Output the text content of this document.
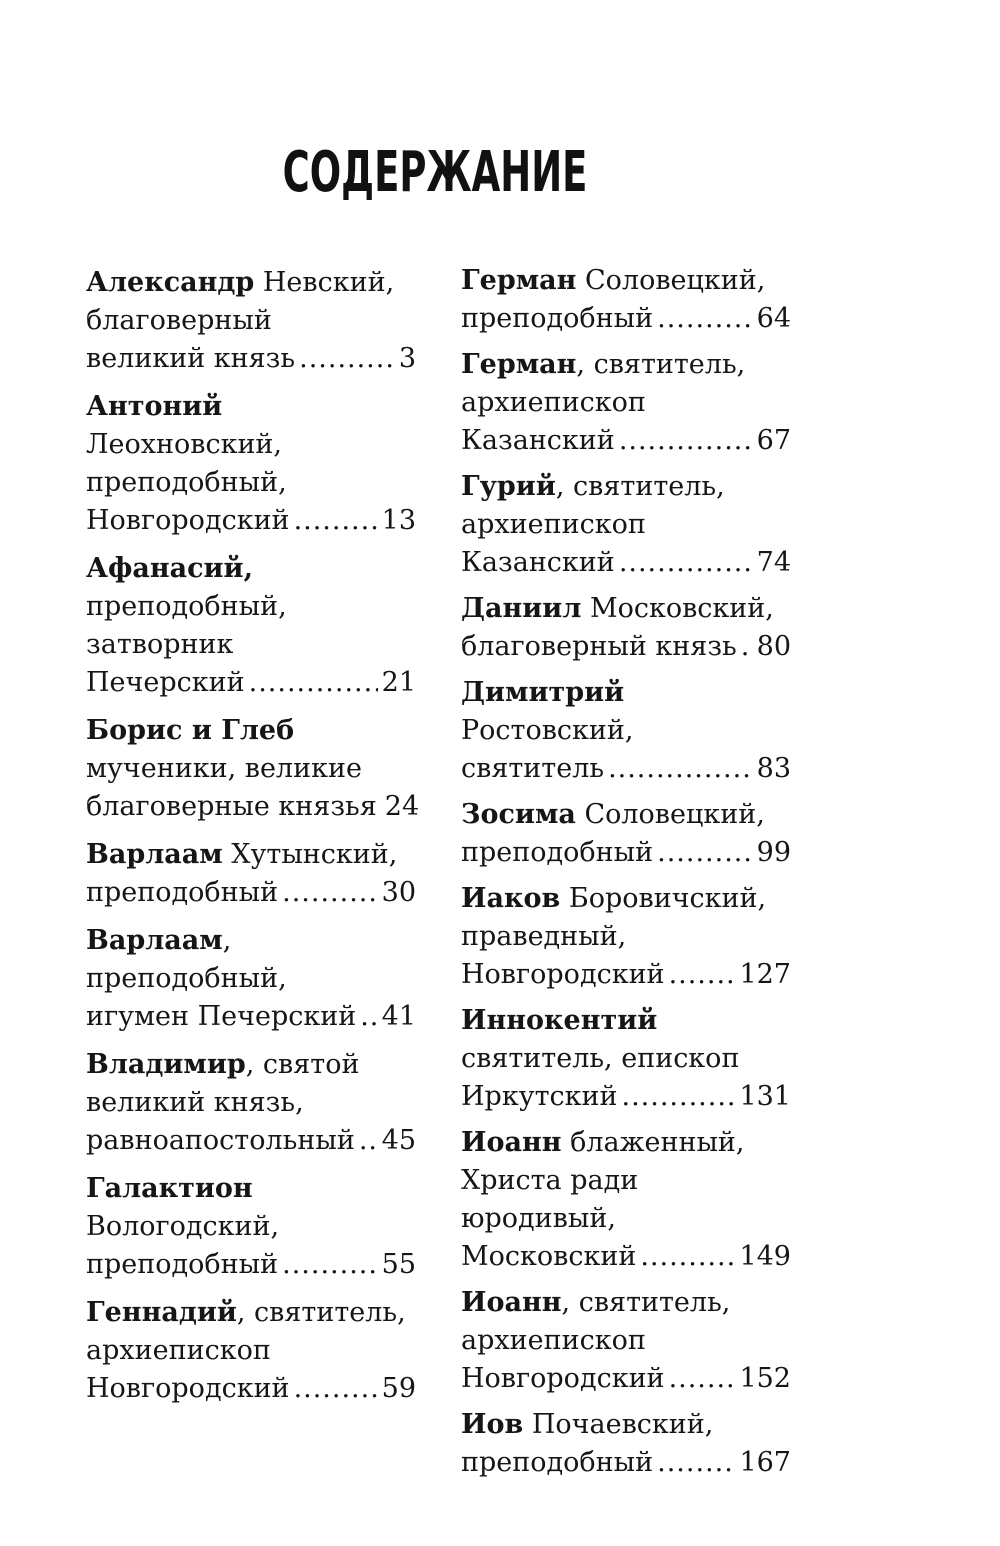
СОДЕРЖАНИЕ
Александр Невский,
благоверный
великий князь .....	3
Антоний
Леохновский,
преподобный,
Новгородский .....	13
Афанасий,
преподобный,
затворник
Печерский .....	21
Борис и Глеб
мученики, великие
благоверные князья 24
Варлаам Хутынский,
преподобный .....	30
Варлаам, преподобный,
игумен Печерский ..... 41
Владимир, святой
великий князь,
равноапостольный ..... 45
Галактион
Вологодский,
преподобный .....	55
Геннадий, святитель,
архиепископ
Новгородский .....	59
Герман Соловецкий,
преподобный .....	64
Герман, святитель,
архиепископ
Казанский .....	67
Гурий, святитель,
архиепископ
Казанский .....	74
Даниил Московский,
благоверный князь ..... 80
Димитрий Ростовский,
святитель .....	83
Зосима Соловецкий,
преподобный .....	99
Иаков Боровичский,
праведный,
Новгородский .....	127
Иннокентий
святитель, епископ
Иркутский .....	131
Иоанн блаженный,
Христа ради юродивый,
Московский .....	149
Иоанн, святитель,
архиепископ
Новгородский .....	152
Иов Почаевский,
преподобный .....	167
